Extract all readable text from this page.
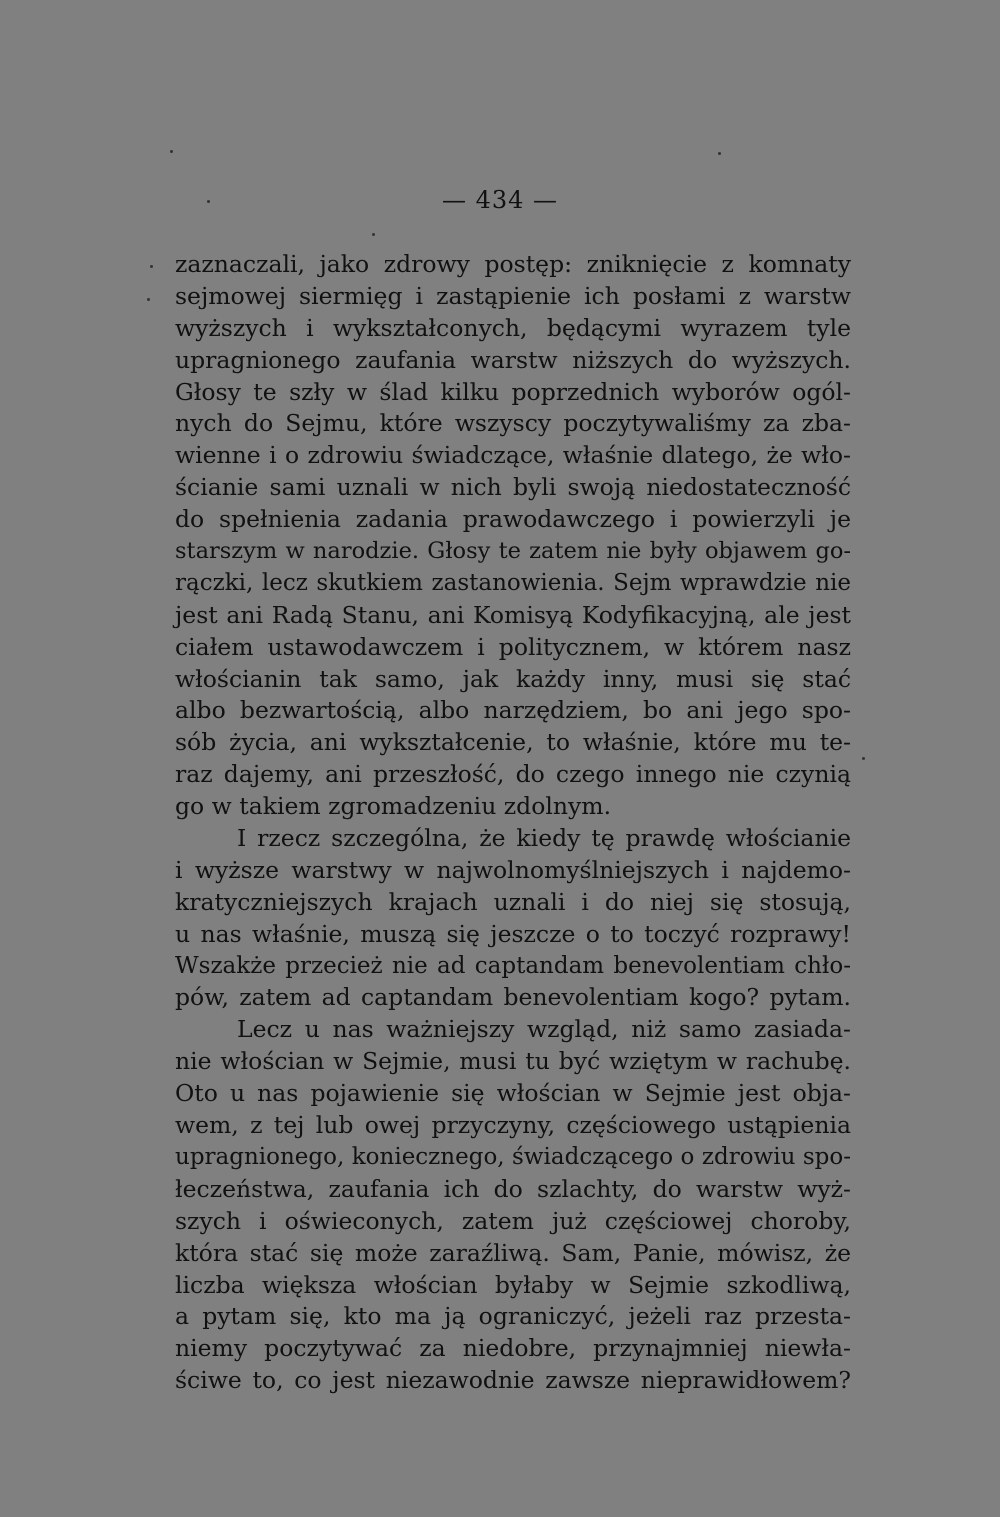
— 434 —
zaznaczali, jako zdrowy postęp: zniknięcie z komnaty
sejmowej siermięg i zastąpienie ich posłami z warstw
wyższych i wykształconych, będącymi wyrazem tyle
upragnionego zaufania warstw niższych do wyższych.
Głosy te szły w ślad kilku poprzednich wyborów ogól-
nych do Sejmu, które wszyscy poczytywaliśmy za zba-
wienne i o zdrowiu świadczące, właśnie dlatego, że wło-
ścianie sami uznali w nich byli swoją niedostateczność
do spełnienia zadania prawodawczego i powierzyli je
starszym w narodzie. Głosy te zatem nie były objawem go-
rączki, lecz skutkiem zastanowienia. Sejm wprawdzie nie
jest ani Radą Stanu, ani Komisyą Kodyfikacyjną, ale jest
ciałem ustawodawczem i politycznem, w którem nasz
włościanin tak samo, jak każdy inny, musi się stać
albo bezwartością, albo narzędziem, bo ani jego spo-
sób życia, ani wykształcenie, to właśnie, które mu te-
raz dajemy, ani przeszłość, do czego innego nie czynią
go w takiem zgromadzeniu zdolnym.
I rzecz szczególna, że kiedy tę prawdę włościanie
i wyższe warstwy w najwolnomyślniejszych i najdemo-
kratyczniejszych krajach uznali i do niej się stosują,
u nas właśnie, muszą się jeszcze o to toczyć rozprawy!
Wszakże przecież nie ad captandam benevolentiam chło-
pów, zatem ad captandam benevolentiam kogo? pytam.
Lecz u nas ważniejszy wzgląd, niż samo zasiada-
nie włościan w Sejmie, musi tu być wziętym w rachubę.
Oto u nas pojawienie się włościan w Sejmie jest obja-
wem, z tej lub owej przyczyny, częściowego ustąpienia
upragnionego, koniecznego, świadczącego o zdrowiu spo-
łeczeństwa, zaufania ich do szlachty, do warstw wyż-
szych i oświeconych, zatem już częściowej choroby,
która stać się może zaraźliwą. Sam, Panie, mówisz, że
liczba większa włościan byłaby w Sejmie szkodliwą,
a pytam się, kto ma ją ograniczyć, jeżeli raz przesta-
niemy poczytywać za niedobre, przynajmniej niewła-
ściwe to, co jest niezawodnie zawsze nieprawidłowem?
